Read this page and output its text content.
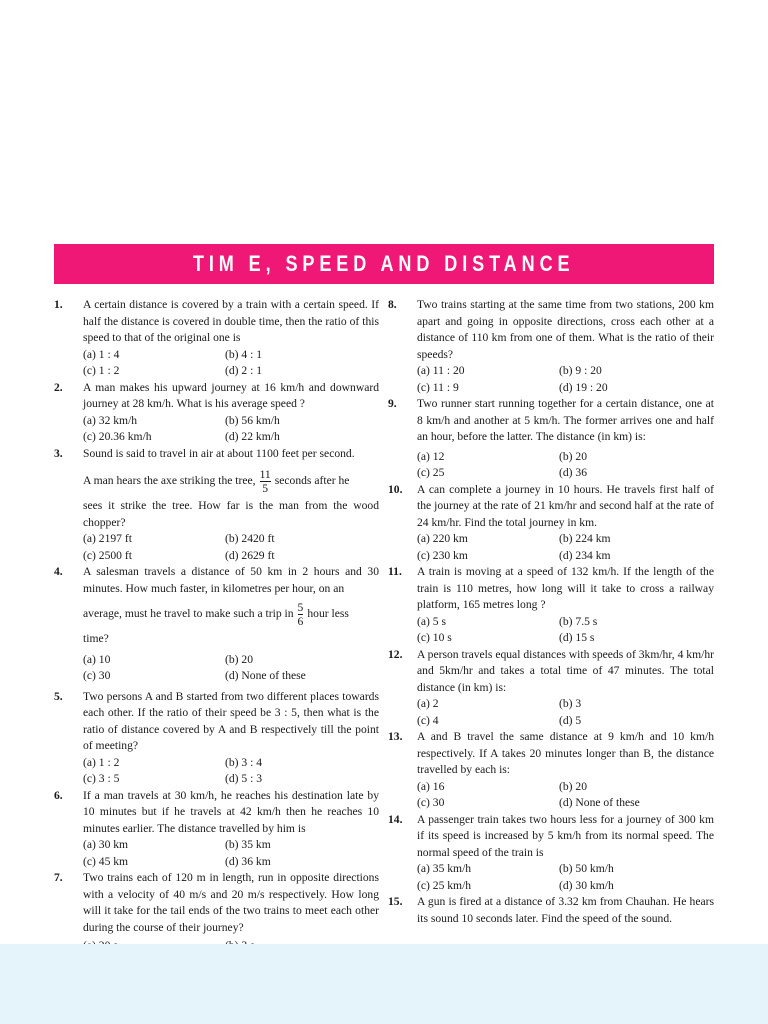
TIM E, SPEED AND DISTANCE
1. A certain distance is covered by a train with a certain speed. If half the distance is covered in double time, then the ratio of this speed to that of the original one is
(a) 1 : 4	(b) 4 : 1
(c) 1 : 2	(d) 2 : 1
2. A man makes his upward journey at 16 km/h and downward journey at 28 km/h. What is his average speed ?
(a) 32 km/h	(b) 56 km/h
(c) 20.36 km/h	(d) 22 km/h
3. Sound is said to travel in air at about 1100 feet per second.
A man hears the axe striking the tree, $\frac{11}{5}$ seconds after he
sees it strike the tree. How far is the man from the wood chopper?
(a) 2197 ft	(b) 2420 ft
(c) 2500 ft	(d) 2629 ft
4. A salesman travels a distance of 50 km in 2 hours and 30 minutes. How much faster, in kilometres per hour, on an
average, must he travel to make such a trip in $\frac{5}{6}$ hour less
time?
(a) 10	(b) 20
(c) 30	(d) None of these
5. Two persons A and B started from two different places towards each other. If the ratio of their speed be 3 : 5, then what is the ratio of distance covered by A and B respectively till the point of meeting?
(a) 1 : 2	(b) 3 : 4
(c) 3 : 5	(d) 5 : 3
6. If a man travels at 30 km/h, he reaches his destination late by 10 minutes but if he travels at 42 km/h then he reaches 10 minutes earlier. The distance travelled by him is
(a) 30 km	(b) 35 km
(c) 45 km	(d) 36 km
7. Two trains each of 120 m in length, run in opposite directions with a velocity of 40 m/s and 20 m/s respectively. How long will it take for the tail ends of the two trains to meet each other during the course of their journey?
8. Two trains starting at the same time from two stations, 200 km apart and going in opposite directions, cross each other at a distance of 110 km from one of them. What is the ratio of their speeds?
(a) 11 : 20	(b) 9 : 20
(c) 11 : 9	(d) 19 : 20
9. Two runner start running together for a certain distance, one at 8 km/h and another at 5 km/h. The former arrives one and half an hour, before the latter. The distance (in km) is:
(a) 12	(b) 20
(c) 25	(d) 36
10. A can complete a journey in 10 hours. He travels first half of the journey at the rate of 21 km/hr and second half at the rate of 24 km/hr. Find the total journey in km.
(a) 220 km	(b) 224 km
(c) 230 km	(d) 234 km
11. A train is moving at a speed of 132 km/h. If the length of the train is 110 metres, how long will it take to cross a railway platform, 165 metres long ?
(a) 5 s	(b) 7.5 s
(c) 10 s	(d) 15 s
12. A person travels equal distances with speeds of 3km/hr, 4 km/hr and 5km/hr and takes a total time of 47 minutes. The total distance (in km) is:
(a) 2	(b) 3
(c) 4	(d) 5
13. A and B travel the same distance at 9 km/h and 10 km/h respectively. If A takes 20 minutes longer than B, the distance travelled by each is:
(a) 16	(b) 20
(c) 30	(d) None of these
14. A passenger train takes two hours less for a journey of 300 km if its speed is increased by 5 km/h from its normal speed. The normal speed of the train is
(a) 35 km/h	(b) 50 km/h
(c) 25 km/h	(d) 30 km/h
15. A gun is fired at a distance of 3.32 km from Chauhan. He hears its sound 10 seconds later. Find the speed of the sound.
